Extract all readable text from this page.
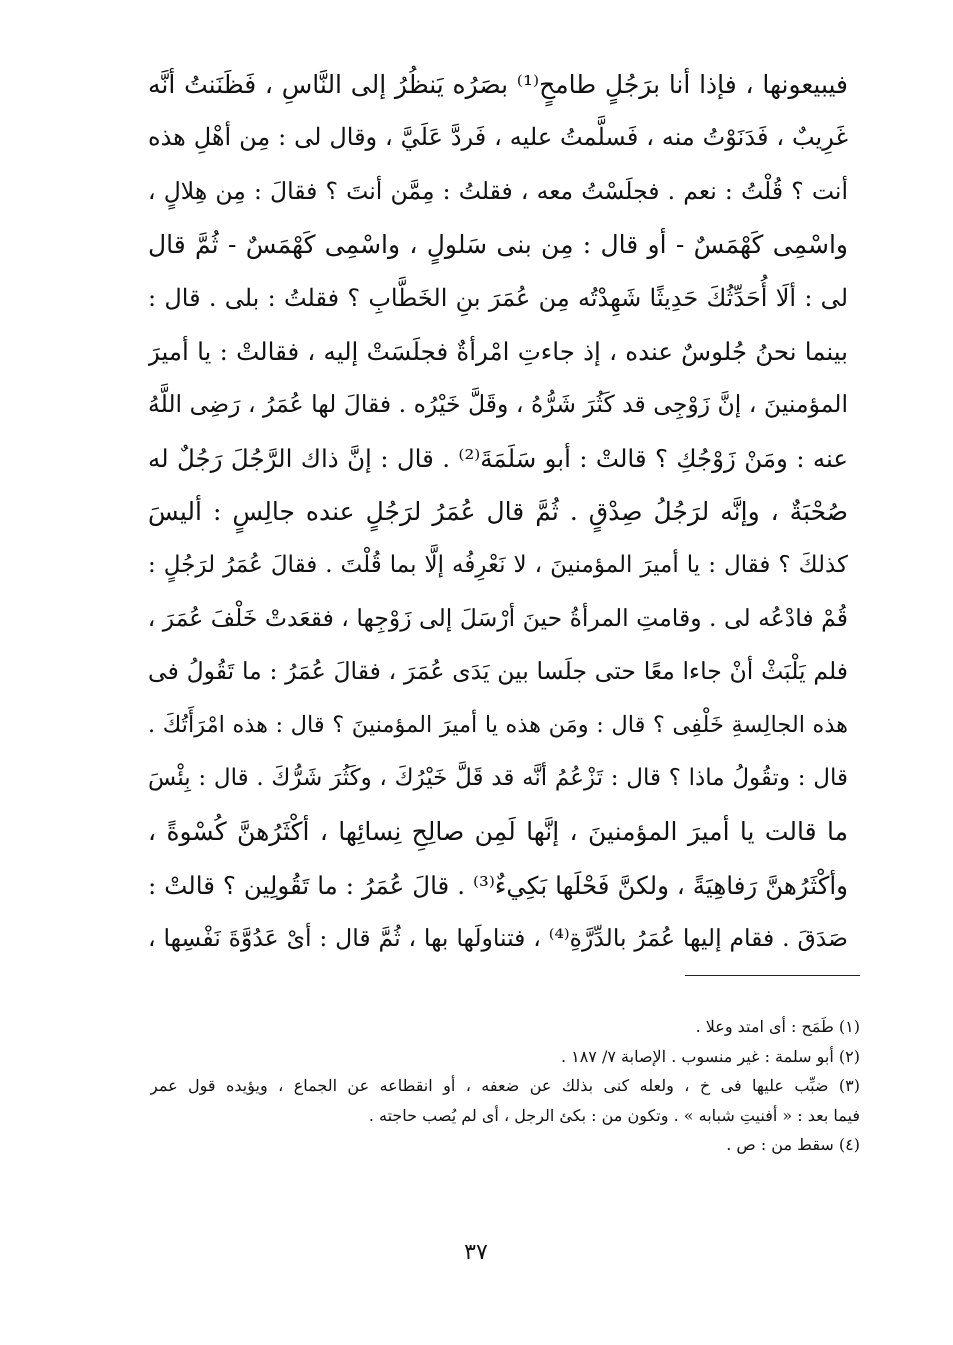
فيبيعونها ، فإذا أنا برَجُلٍ طامحٍ⁽¹⁾ بصَرُه يَنظُرُ إلى النَّاسِ ، فَظَنَنتُ أنَّه
غَرِيبٌ ، فَدَنَوْتُ منه ، فَسلَّمتُ عليه ، فَردَّ عَلَيَّ ، وقال لى : مِن أهْلِ هذه
أنت ؟ قُلْتُ : نعم . فجلَسْتُ معه ، فقلتُ : مِمَّن أنتَ ؟ فقالَ : مِن هِلالٍ ،
واسْمِى كَهْمَسٌ - أو قال : مِن بنى سَلولٍ ، واسْمِى كَهْمَسٌ - ثُمَّ قال
لى : ألَا أُحَدِّثُكَ حَدِيثًا شَهِدْتُه مِن عُمَرَ بنِ الخَطَّابِ ؟ فقلتُ : بلى . قال :
بينما نحنُ جُلوسٌ عنده ، إذ جاءتِ امْرأةٌ فجلَسَتْ إليه ، فقالتْ : يا أميرَ
المؤمنينَ ، إنَّ زَوْجِى قد كَثُرَ شَرُّهُ ، وقَلَّ خَيْرُه . فقالَ لها عُمَرُ ، رَضِى اللَّهُ
عنه : ومَنْ زَوْجُكِ ؟ قالتْ : أبو سَلَمَةَ⁽²⁾ . قال : إنَّ ذاك الرَّجُلَ رَجُلٌ له
صُحْبَةٌ ، وإنَّه لرَجُلُ صِدْقٍ . ثُمَّ قال عُمَرُ لرَجُلٍ عنده جالِسٍ : أليسَ
كذلكَ ؟ فقال : يا أميرَ المؤمنينَ ، لا نَعْرِفُه إلَّا بما قُلْتَ . فقالَ عُمَرُ لرَجُلٍ :
قُمْ فادْعُه لى . وقامتِ المرأةُ حينَ أرْسَلَ إلى زَوْجِها ، فقعَدتْ خَلْفَ عُمَرَ ،
فلم يَلْبَثْ أنْ جاءا معًا حتى جلَسا بين يَدَى عُمَرَ ، فقالَ عُمَرُ : ما تَقُولُ فى
هذه الجالِسةِ خَلْفِى ؟ قال : ومَن هذه يا أميرَ المؤمنينَ ؟ قال : هذه امْرَأَتُكَ .
قال : وتقُولُ ماذا ؟ قال : تَزْعُمُ أنَّه قد قَلَّ خَيْرُكَ ، وكَثُرَ شَرُّكَ . قال : بِئْسَ
ما قالت يا أميرَ المؤمنينَ ، إنَّها لَمِن صالِحِ نِسائِها ، أكْثَرُهنَّ كُسْوةً ،
وأكْثَرُهنَّ رَفاهِيَةً ، ولكنَّ فَحْلَها بَكِيءٌ⁽³⁾ . قالَ عُمَرُ : ما تَقُولِين ؟ قالتْ :
صَدَقَ . فقام إليها عُمَرُ بالدِّرَّةِ⁽⁴⁾ ، فتناولَها بها ، ثُمَّ قال : أىْ عَدُوَّةَ نَفْسِها ،
(١) طَمَح : أى امتد وعلا .
(٢) أبو سلمة : غير منسوب . الإصابة ٧/ ١٨٧ .
(٣) ضبِّب عليها فى خ ، ولعله كنى بذلك عن ضعفه ، أو انقطاعه عن الجماع ، ويؤيده قول عمر
فيما بعد : « أفنيتِ شبابه » . وتكون من : بكئ الرجل ، أى لم يُصب حاجته .
(٤) سقط من : ص .
٣٧
